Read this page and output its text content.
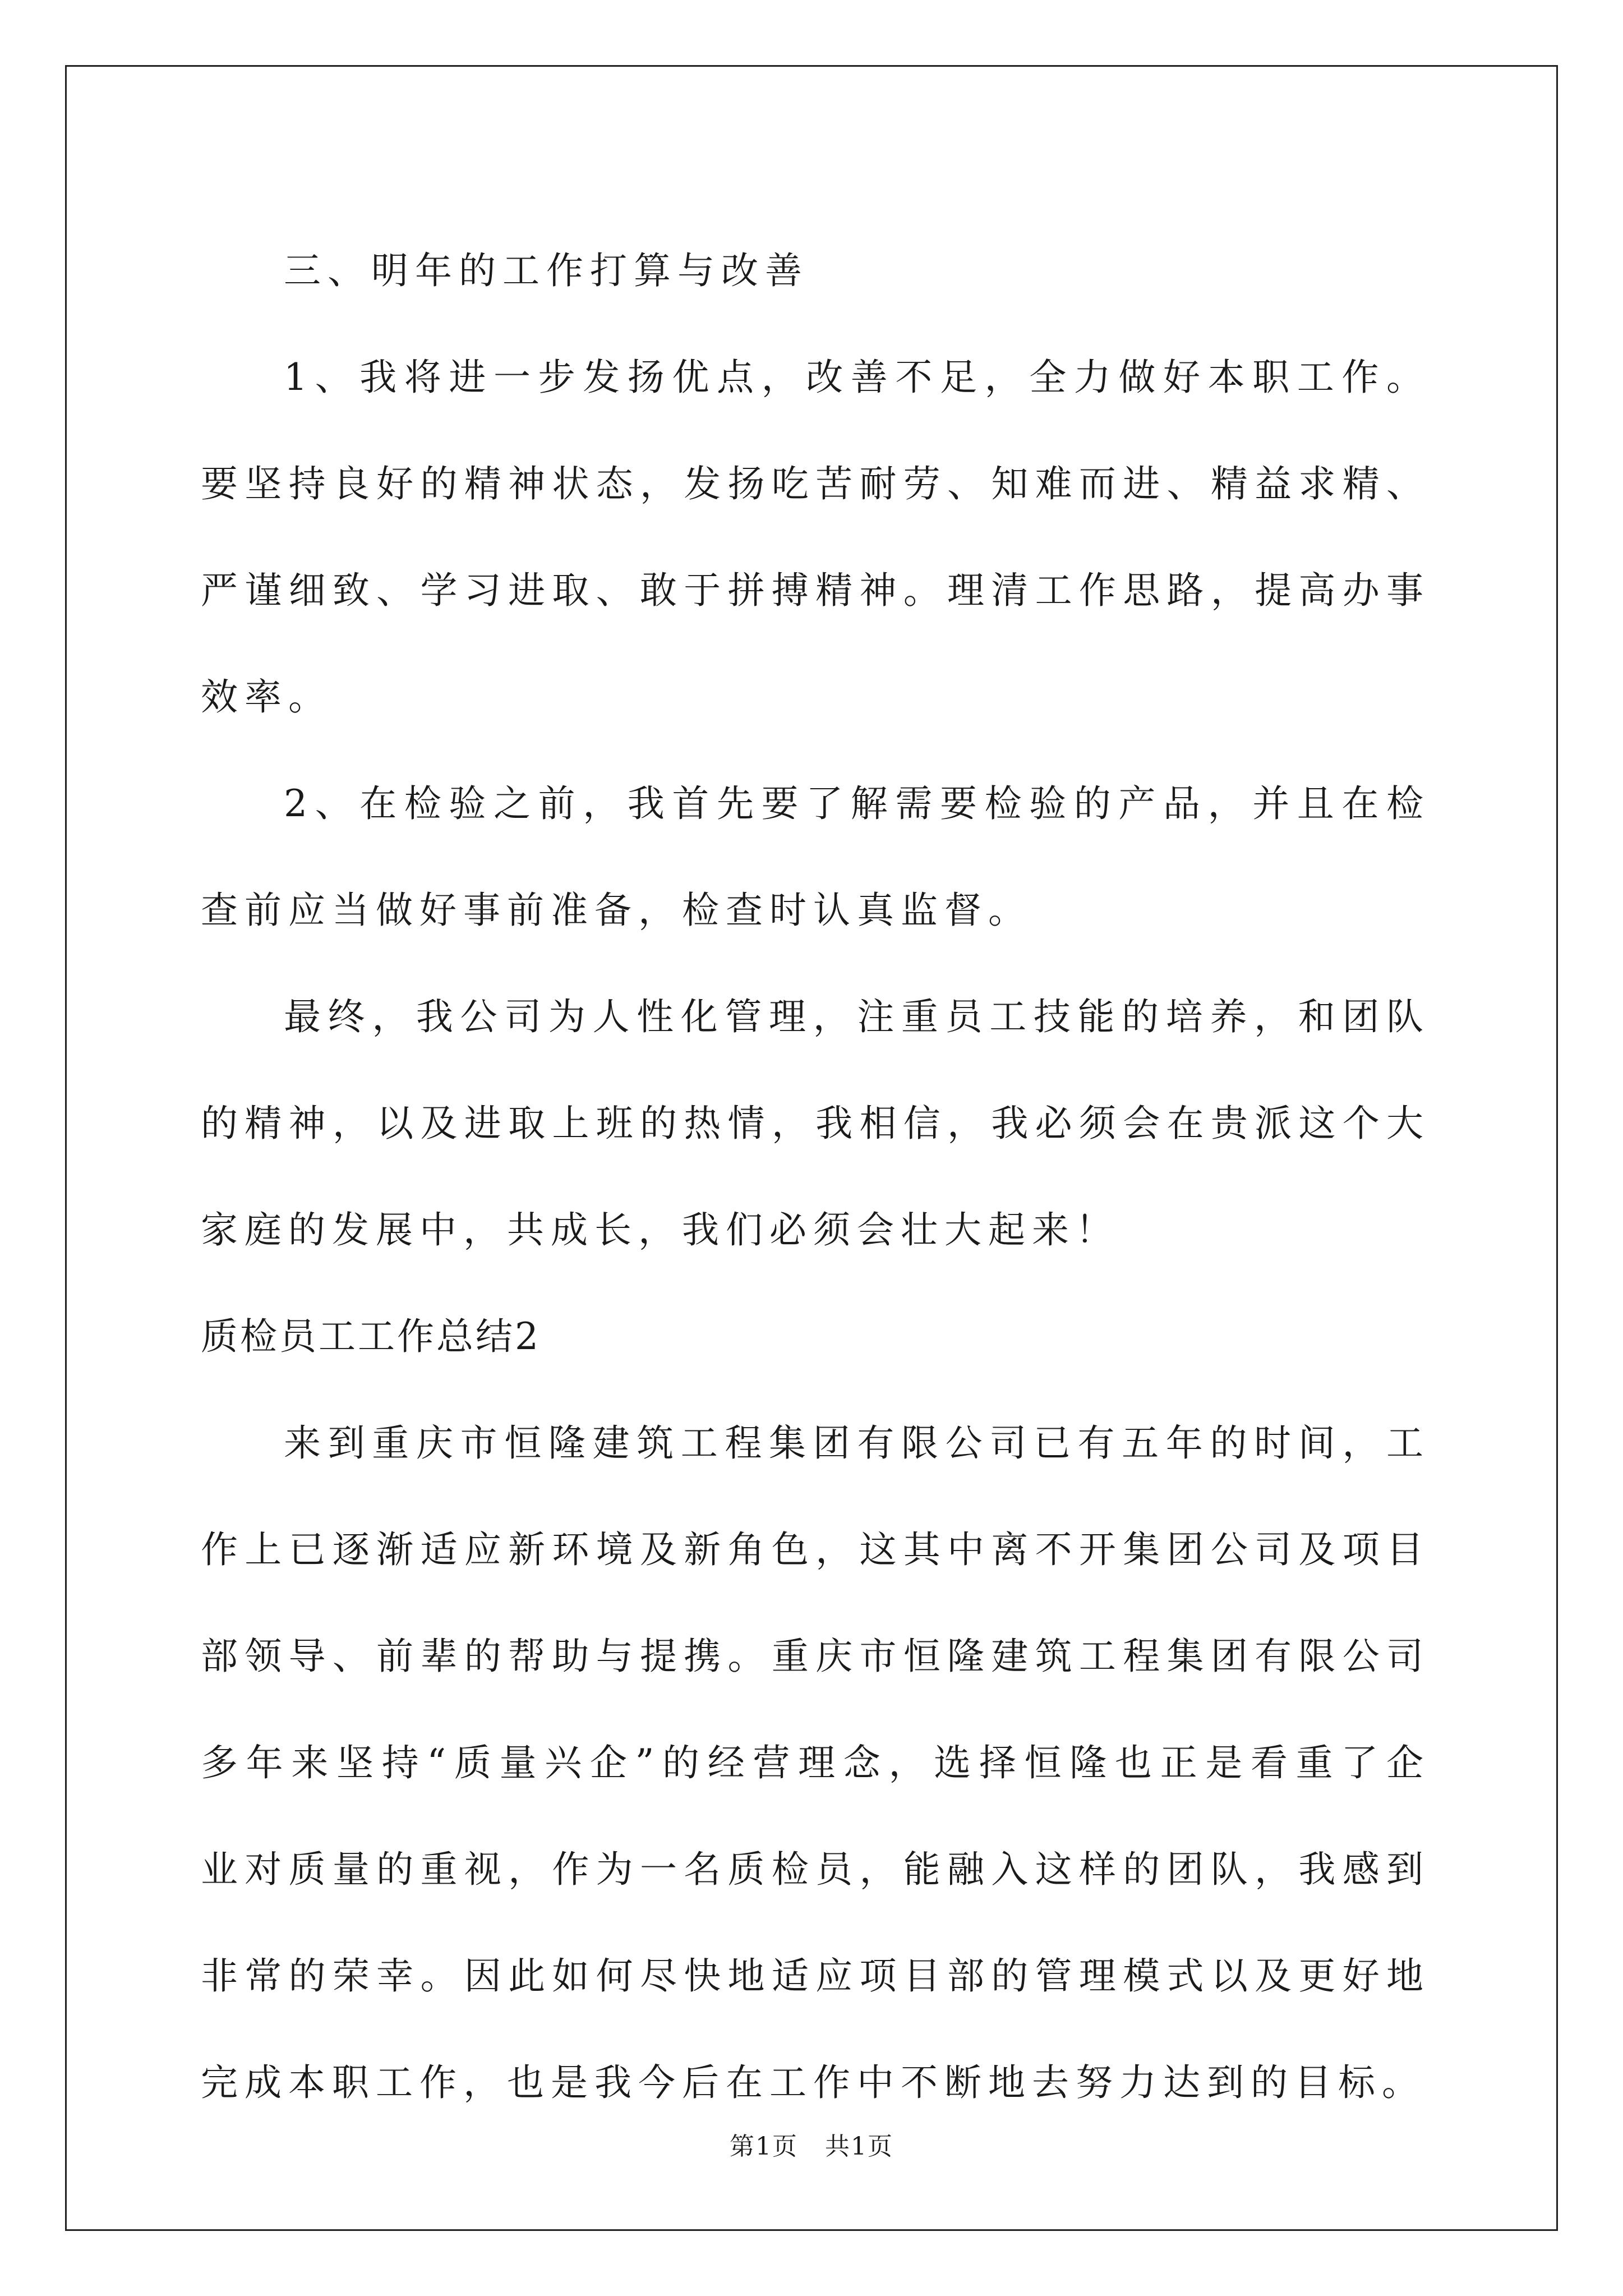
三、明年的工作打算与改善

1、我将进一步发扬优点，改善不足，全力做好本职工作。要坚持良好的精神状态，发扬吃苦耐劳、知难而进、精益求精、严谨细致、学习进取、敢于拼搏精神。理清工作思路，提高办事效率。

2、在检验之前，我首先要了解需要检验的产品，并且在检查前应当做好事前准备，检查时认真监督。

最终，我公司为人性化管理，注重员工技能的培养，和团队的精神，以及进取上班的热情，我相信，我必须会在贵派这个大家庭的发展中，共成长，我们必须会壮大起来！

质检员工工作总结2

来到重庆市恒隆建筑工程集团有限公司已有五年的时间，工作上已逐渐适应新环境及新角色，这其中离不开集团公司及项目部领导、前辈的帮助与提携。重庆市恒隆建筑工程集团有限公司多年来坚持“质量兴企”的经营理念，选择恒隆也正是看重了企业对质量的重视，作为一名质检员，能融入这样的团队，我感到非常的荣幸。因此如何尽快地适应项目部的管理模式以及更好地完成本职工作，也是我今后在工作中不断地去努力达到的目标。

第1页 共1页
